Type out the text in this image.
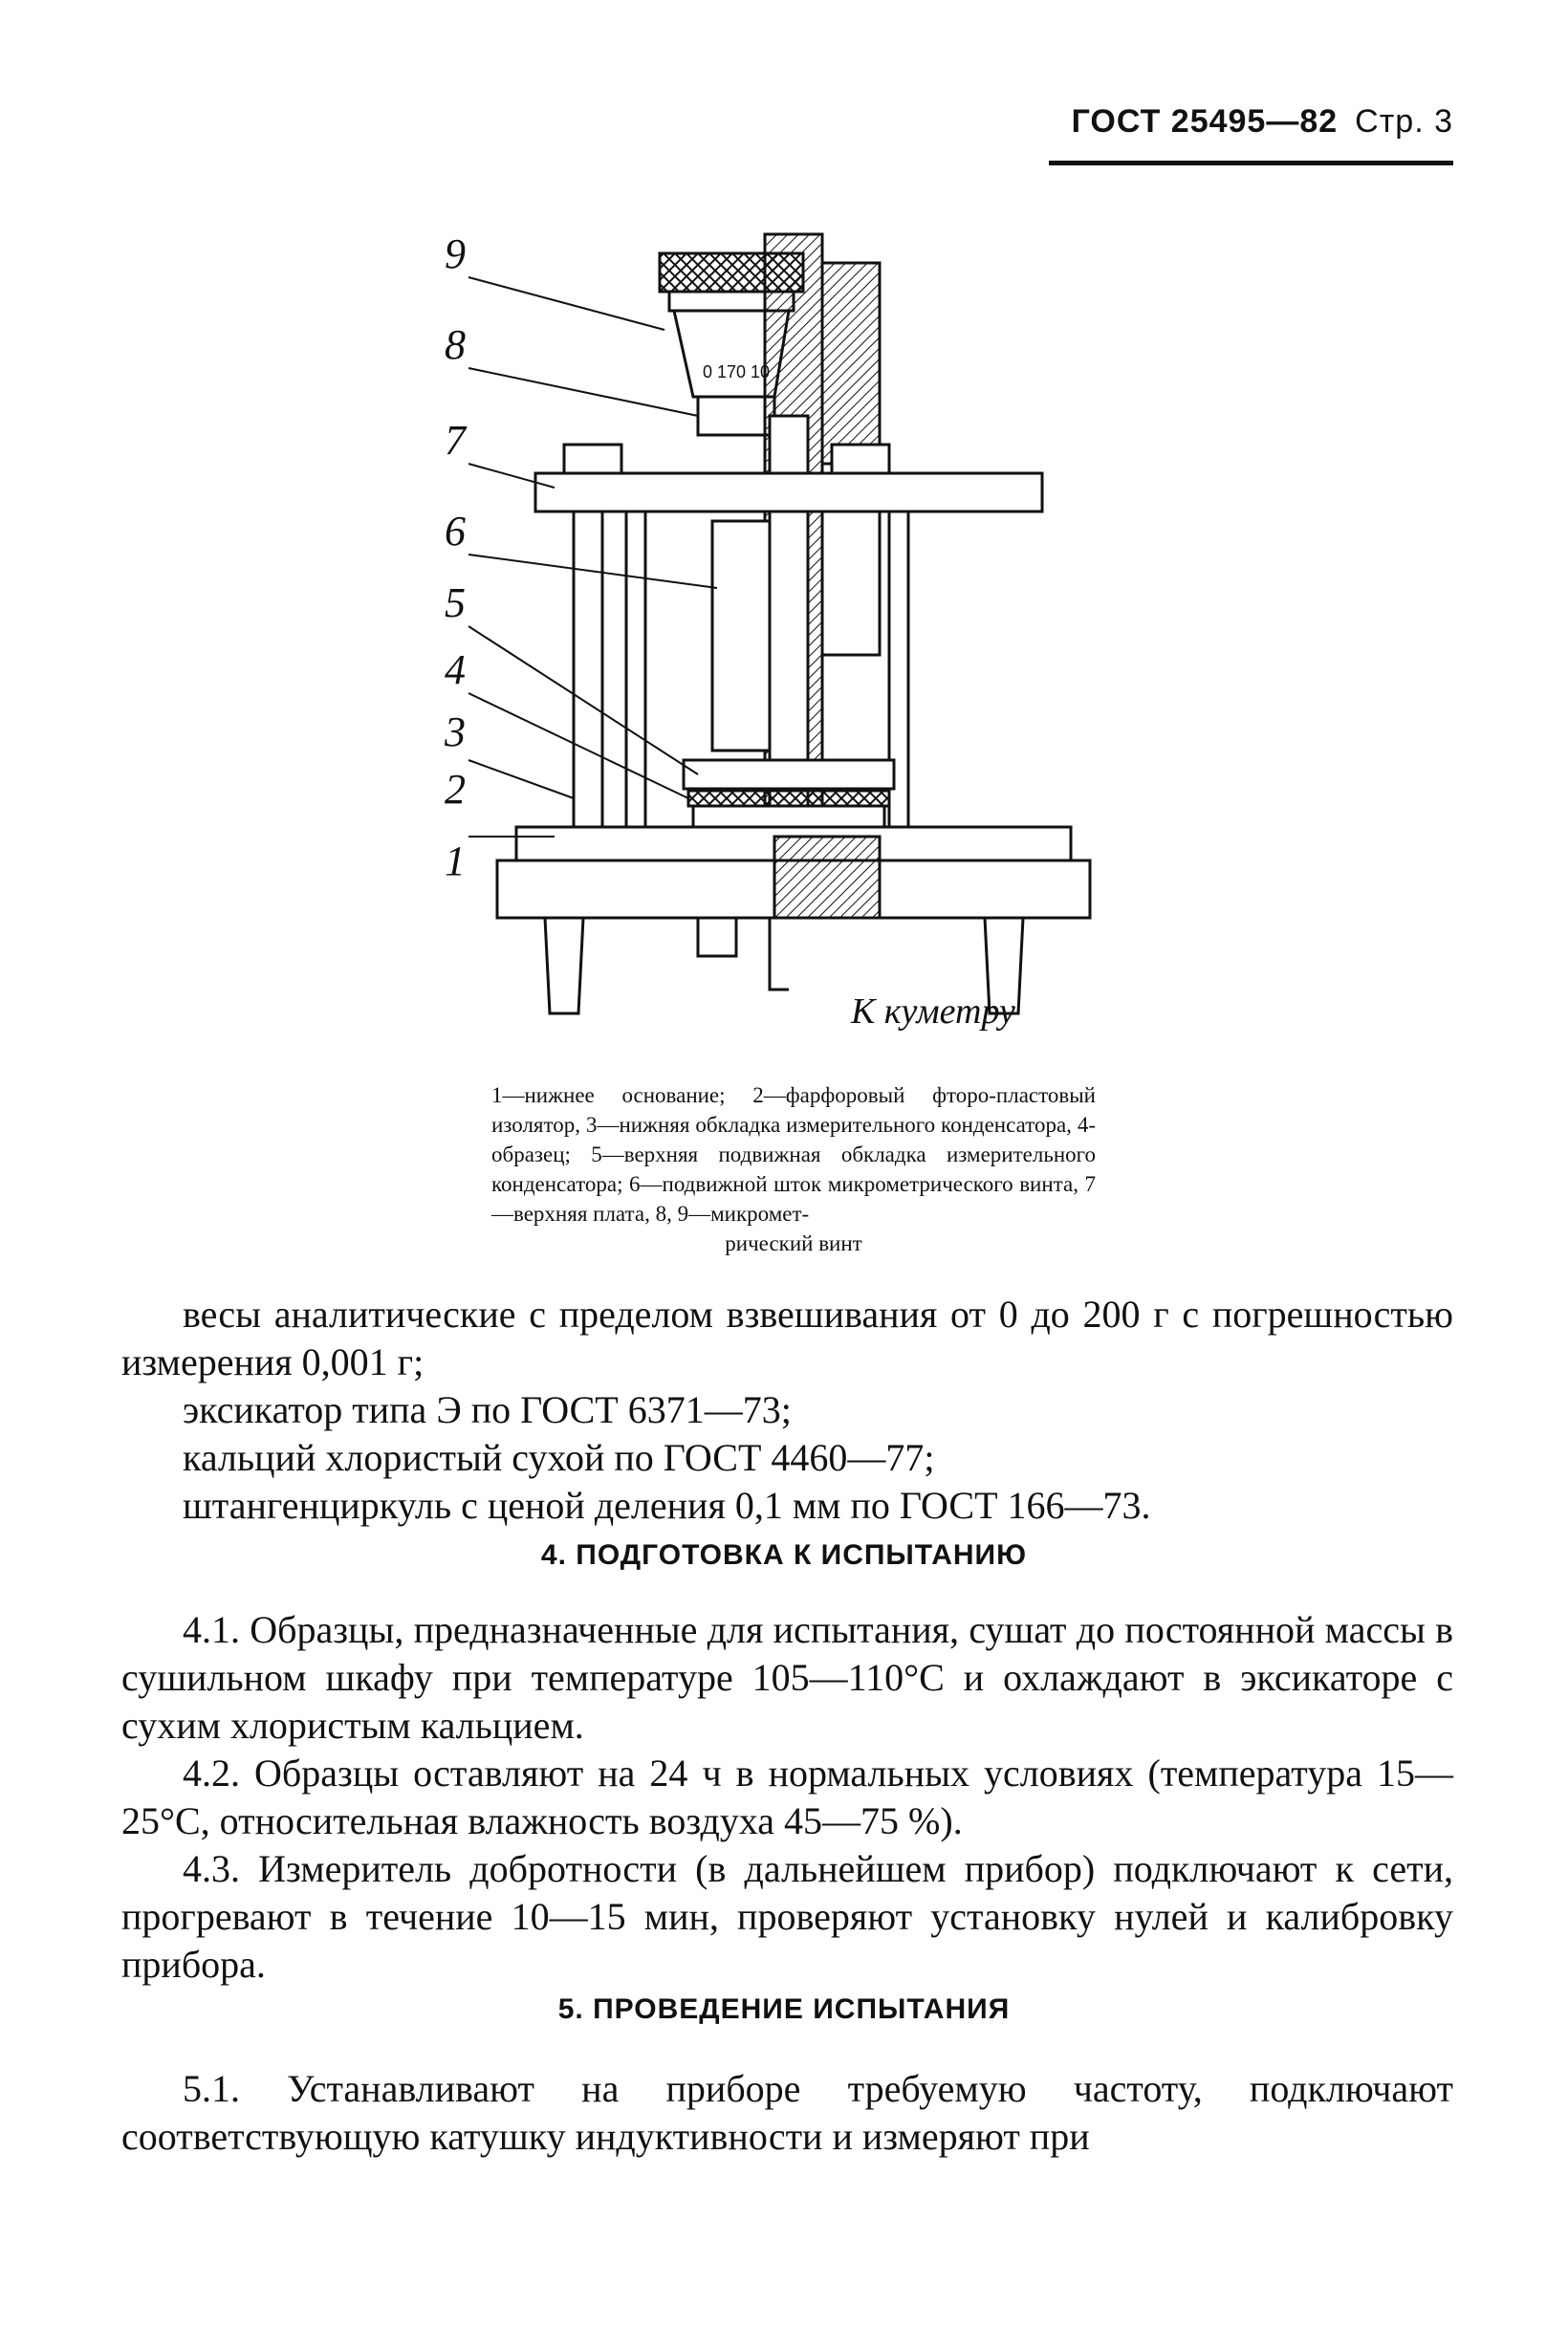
ГОСТ 25495—82 Стр. 3
9
8
7
6
5
4
3
2
1
0 170 10
К куметру
1—нижнее основание; 2—фарфоровый фторо-пластовый изолятор, 3—нижняя обкладка измерительного конденсатора, 4-образец; 5—верхняя подвижная обкладка измерительного конденсатора; 6—подвижной шток микрометрического винта, 7—верхняя плата, 8, 9—микромет-
рический винт

весы аналитические с пределом взвешивания от 0 до 200 г с погрешностью измерения 0,001 г;

эксикатор типа Э по ГОСТ 6371—73;

кальций хлористый сухой по ГОСТ 4460—77;

штангенциркуль с ценой деления 0,1 мм по ГОСТ 166—73.

4. ПОДГОТОВКА К ИСПЫТАНИЮ

4.1. Образцы, предназначенные для испытания, сушат до постоянной массы в сушильном шкафу при температуре 105—110°С и охлаждают в эксикаторе с сухим хлористым кальцием.

4.2. Образцы оставляют на 24 ч в нормальных условиях (температура 15—25°С, относительная влажность воздуха 45—75 %).

4.3. Измеритель добротности (в дальнейшем прибор) подключают к сети, прогревают в течение 10—15 мин, проверяют установку нулей и калибровку прибора.

5. ПРОВЕДЕНИЕ ИСПЫТАНИЯ

5.1. Устанавливают на приборе требуемую частоту, подключают соответствующую катушку индуктивности и измеряют при
